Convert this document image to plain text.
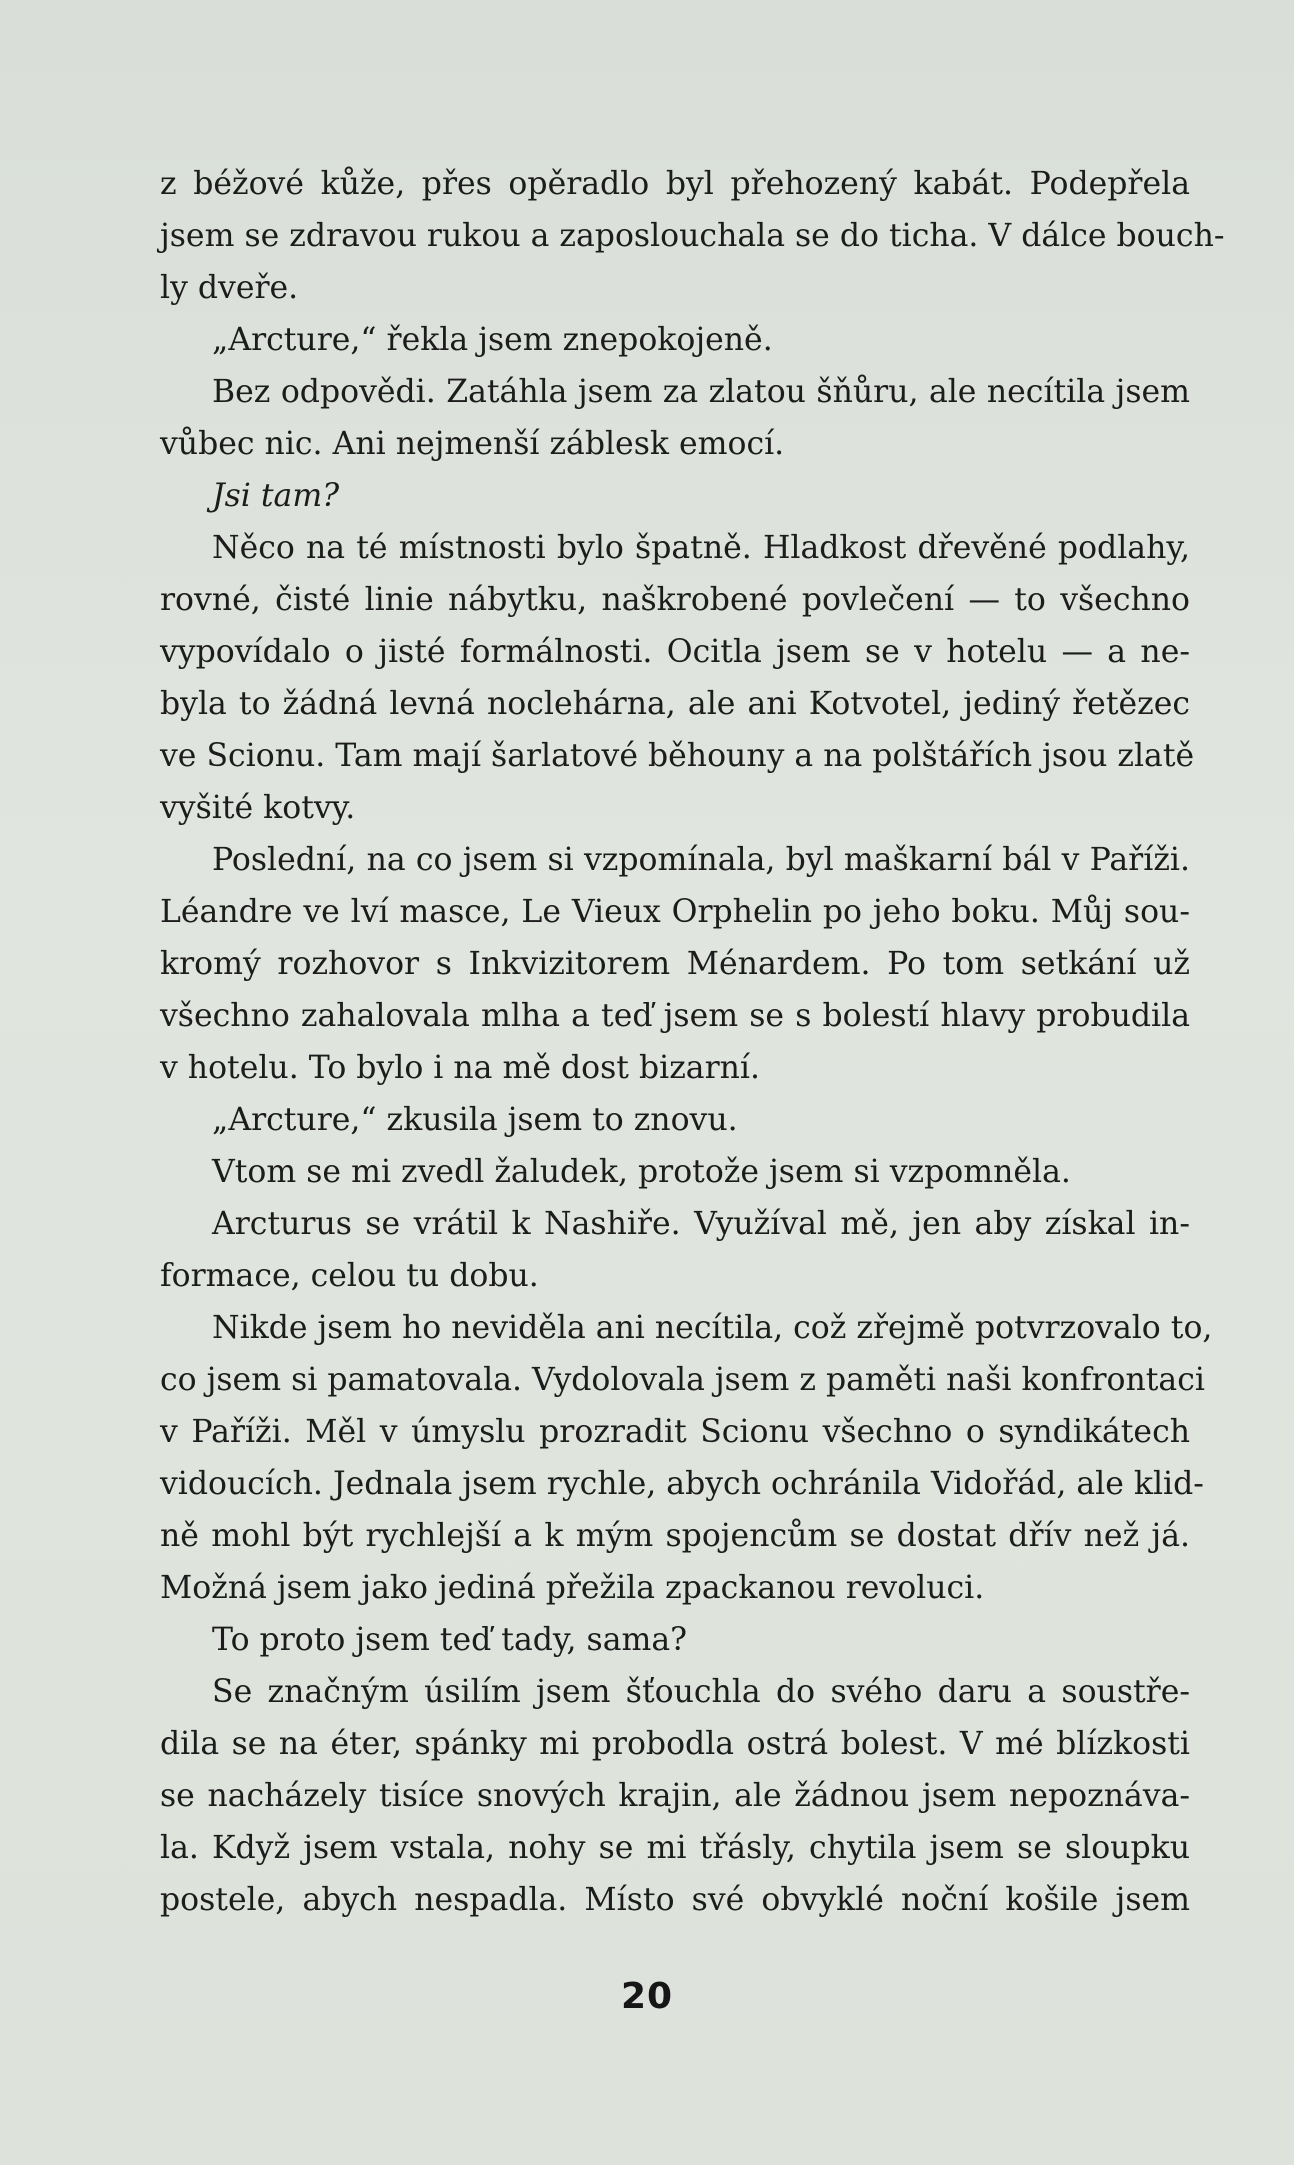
z béžové kůže, přes opěradlo byl přehozený kabát. Podepřela
jsem se zdravou rukou a zaposlouchala se do ticha. V dálce bouch-
ly dveře.
„Arcture,“ řekla jsem znepokojeně.
Bez odpovědi. Zatáhla jsem za zlatou šňůru, ale necítila jsem
vůbec nic. Ani nejmenší záblesk emocí.
Jsi tam?
Něco na té místnosti bylo špatně. Hladkost dřevěné podlahy,
rovné, čisté linie nábytku, naškrobené povlečení — to všechno
vypovídalo o jisté formálnosti. Ocitla jsem se v hotelu — a ne-
byla to žádná levná noclehárna, ale ani Kotvotel, jediný řetězec
ve Scionu. Tam mají šarlatové běhouny a na polštářích jsou zlatě
vyšité kotvy.
Poslední, na co jsem si vzpomínala, byl maškarní bál v Paříži.
Léandre ve lví masce, Le Vieux Orphelin po jeho boku. Můj sou-
kromý rozhovor s Inkvizitorem Ménardem. Po tom setkání už
všechno zahalovala mlha a teď jsem se s bolestí hlavy probudila
v hotelu. To bylo i na mě dost bizarní.
„Arcture,“ zkusila jsem to znovu.
Vtom se mi zvedl žaludek, protože jsem si vzpomněla.
Arcturus se vrátil k Nashiře. Využíval mě, jen aby získal in-
formace, celou tu dobu.
Nikde jsem ho neviděla ani necítila, což zřejmě potvrzovalo to,
co jsem si pamatovala. Vydolovala jsem z paměti naši konfrontaci
v Paříži. Měl v úmyslu prozradit Scionu všechno o syndikátech
vidoucích. Jednala jsem rychle, abych ochránila Vidořád, ale klid-
ně mohl být rychlejší a k mým spojencům se dostat dřív než já.
Možná jsem jako jediná přežila zpackanou revoluci.
To proto jsem teď tady, sama?
Se značným úsilím jsem šťouchla do svého daru a soustře-
dila se na éter, spánky mi probodla ostrá bolest. V mé blízkosti
se nacházely tisíce snových krajin, ale žádnou jsem nepoznáva-
la. Když jsem vstala, nohy se mi třásly, chytila jsem se sloupku
postele, abych nespadla. Místo své obvyklé noční košile jsem
20
